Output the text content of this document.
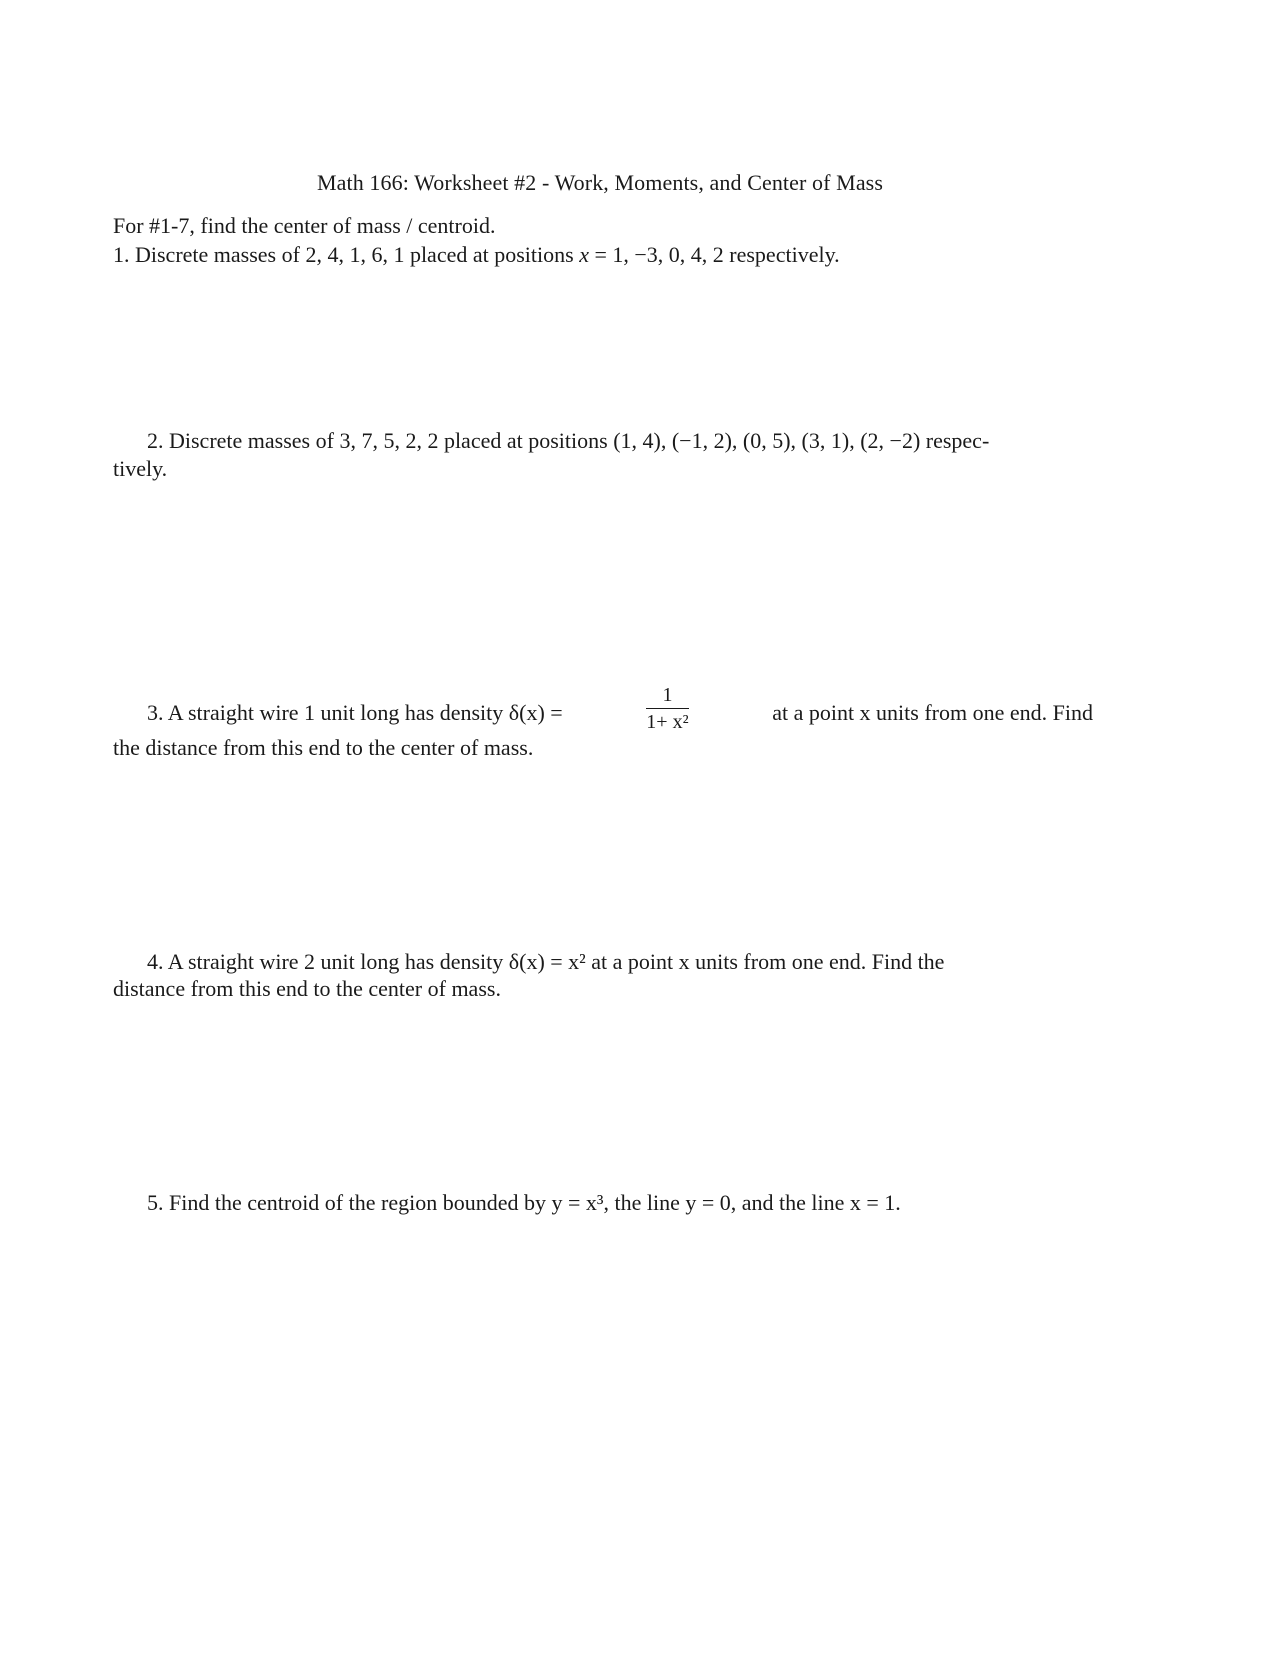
Math 166: Worksheet #2 - Work, Moments, and Center of Mass
For #1-7, find the center of mass / centroid.
1. Discrete masses of 2, 4, 1, 6, 1 placed at positions x = 1, −3, 0, 4, 2 respectively.
2. Discrete masses of 3, 7, 5, 2, 2 placed at positions (1, 4), (−1, 2), (0, 5), (3, 1), (2, −2) respec-
tively.
3. A straight wire 1 unit long has density δ(x) =	$\frac{1}{\text{1+ x²}}$	at a point x units from one end. Find
the distance from this end to the center of mass.
4. A straight wire 2 unit long has density δ(x) = x² at a point x units from one end. Find the
distance from this end to the center of mass.
5. Find the centroid of the region bounded by y = x³, the line y = 0, and the line x = 1.
